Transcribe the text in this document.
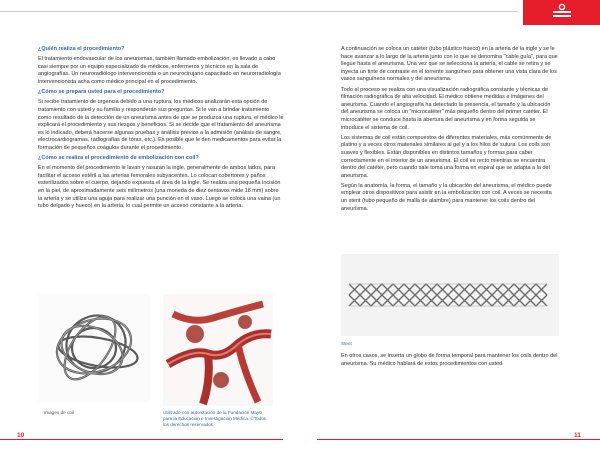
¿Quién realiza el procedimiento?

El tratamiento endovascular de los aneurismas, también llamado embolización, es llevado a cabo casi siempre por un equipo especializado de médicos, enfermeros y técnicos en la sala de angiografías. Un neuroradiólogo intervencionista o un neurocirujano capacitado en neurorradiología intervencionista acha como médico principal en el procedimiento.

¿Cómo se prepara usted para el procedimiento?

Si recibe tratamiento de urgencia debido a una ruptura, los médicos analizarán esta opción de tratamiento con usted y su familia y responderán sus preguntas. Si le van a brindar tratamiento como resultado de la detección de un aneurisma antes de que se produzca una ruptura, el médico le explicará el procedimiento y sus riesgos y beneficios. Si se decide que el tratamiento del aneurisma es lo indicado, deberá hacerse algunas pruebas y análisis previos a la admisión (análisis de sangre, electrocardiogramas, radiografías de tórax, etc.). Es posible que le den medicamentos para evitar la formación de pequeños coágulos durante el procedimiento.

¿Cómo se realiza el procedimiento de embolización con coil?

En el momento del procedimiento le lavan y rasuran la ingle, generalmente de ambos lados, para facilitar el acceso estéril a las arterias femorales subyacentes. Lo colocan cobertores y paños esterilizados sobre el cuerpo, dejando expuesta el área de la ingle. Se realiza una pequeña incisión en la piel, de aproximadamente seis milímetros (una moneda de diez centavos mide 18 mm) sobre la arteria y se utiliza una aguja para realizar una punción en el vaso. Luego se coloca una vaina (un tubo delgado y hueco) en la arteria, lo cual permite un acceso constante a la arteria.

Imagen de coil	Utilizado con autorización de la Fundación Mayo para la Educación e Investigación Médica. ©Todos los derechos reservados.

A continuación se coloca un catéter (tubo plástico hueco) en la arteria de la ingle y se le hace avanzar a lo largo de la arteria junto con lo que se denomina "cable guía", para que llegue hasta el aneurisma. Una vez que se selecciona la arteria, el cable se retira y se inyecta un tinte de contraste en el torrente sanguíneo para obtener una vista clara de los vasos sanguíneos normales y del aneurisma.

Todo el proceso se realiza con una visualización radiográfica constante y técnicas de filmación radiográfica de alta velocidad. El médico obtiene medidas e imágenes del aneurisma. Cuando el angiografía ha detectado la presencia, el tamaño y la ubicación del aneurisma se coloca un "microcatéter" más pequeño dentro del primer catéter. El microcatéter se conduce hasta la abertura del aneurisma y en forma seguida se introduce el sistema de coil.

Los sistemas de coil están compuestos de diferentes materiales, más comúnmente de platino y a veces otros materiales similares al gel y a los hilos de sutura. Los coils son suaves y flexibles. Están disponibles en distintos tamaños y formas para caber correctamente en el interior de un aneurisma. El coil es recto mientras se encuentra dentro del catéter, pero cuando sale toma una forma en espiral que se adapta a la del aneurisma.

Según la anatomía, la forma, el tamaño y la ubicación del aneurisma, el médico puede emplear otros dispositivos para asistir en la embolización con coil. A veces se necesita un stent (tubo pequeño de malla de alambre) para mantener los coils dentro del aneurisma.

Stent

En otros casos, se inserta un globo de forma temporal para mantener los coils dentro del aneurisma. Su médico hablará de estos procedimientos con usted.

10	11
